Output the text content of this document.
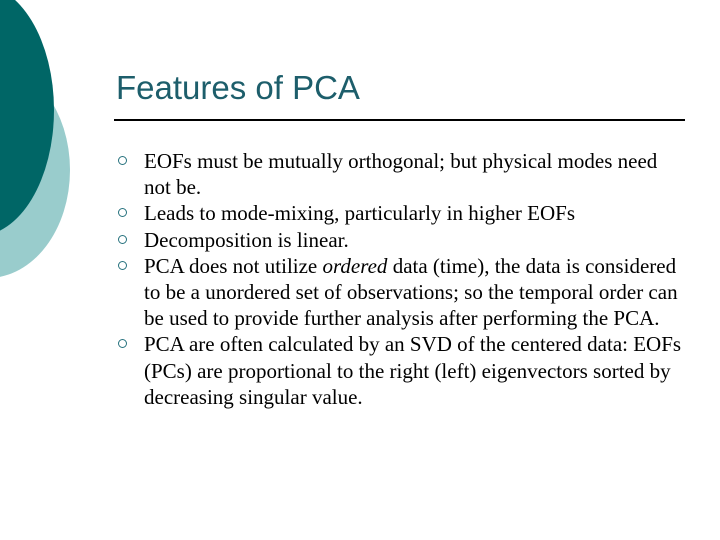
Features of PCA
EOFs must be mutually orthogonal; but physical modes need not be.
Leads to mode-mixing, particularly in higher EOFs
Decomposition is linear.
PCA does not utilize ordered data (time), the data is considered to be a unordered set of observations; so the temporal order can be used to provide further analysis after performing the PCA.
PCA are often calculated by an SVD of the centered data: EOFs (PCs) are proportional to the right (left) eigenvectors sorted by decreasing singular value.
